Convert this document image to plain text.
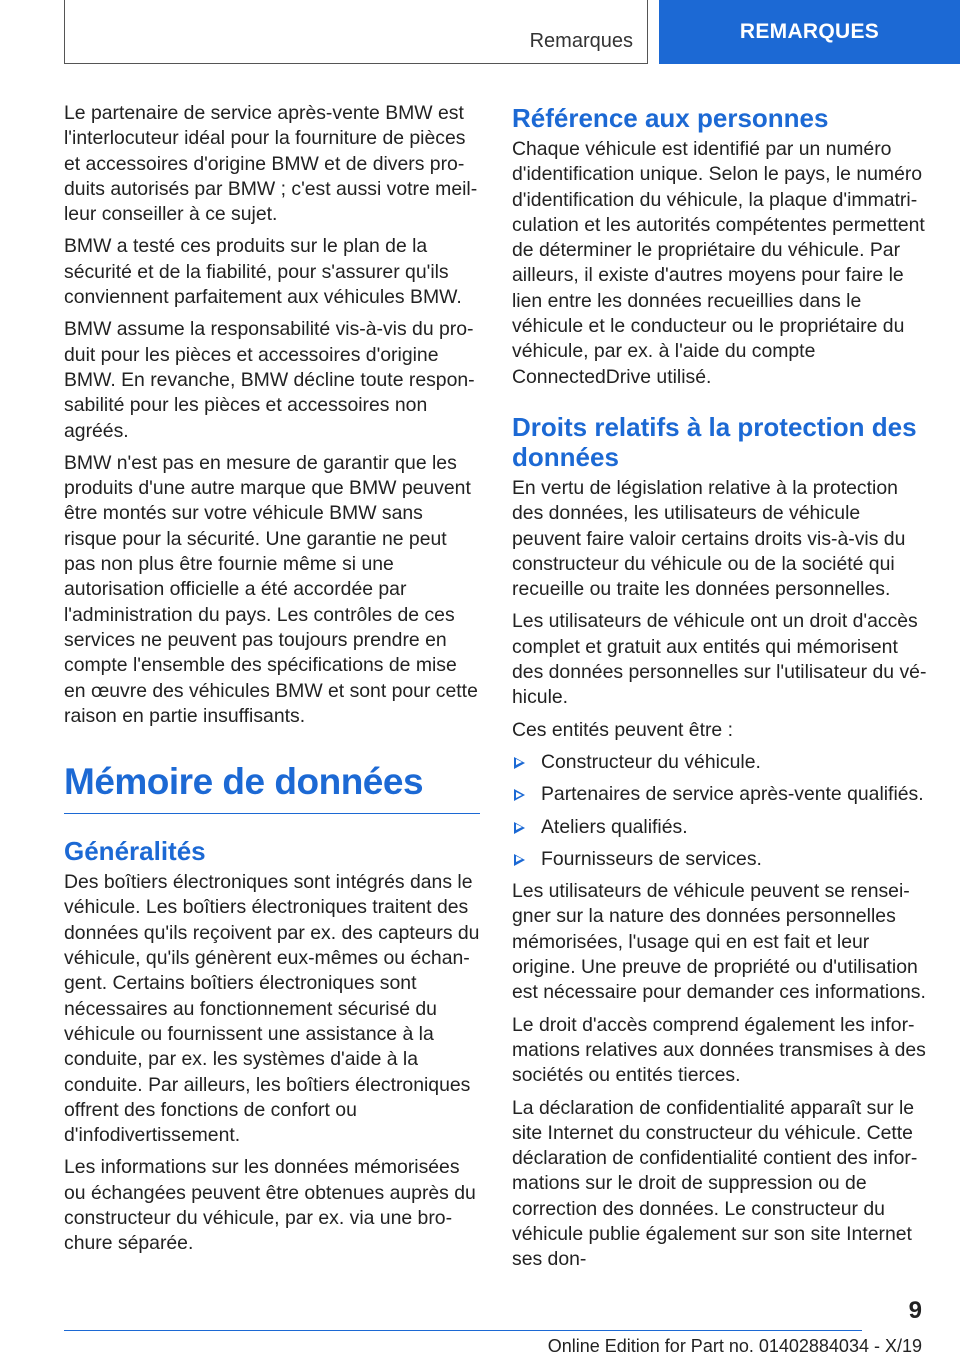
Remarques	REMARQUES

Le partenaire de service après-vente BMW est l'interlocuteur idéal pour la fourniture de pièces et accessoires d'origine BMW et de divers produits autorisés par BMW ; c'est aussi votre meilleur conseiller à ce sujet.

BMW a testé ces produits sur le plan de la sécurité et de la fiabilité, pour s'assurer qu'ils conviennent parfaitement aux véhicules BMW.

BMW assume la responsabilité vis-à-vis du produit pour les pièces et accessoires d'origine BMW. En revanche, BMW décline toute responsabilité pour les pièces et accessoires non agréés.

BMW n'est pas en mesure de garantir que les produits d'une autre marque que BMW peuvent être montés sur votre véhicule BMW sans risque pour la sécurité. Une garantie ne peut pas non plus être fournie même si une autorisation officielle a été accordée par l'administration du pays. Les contrôles de ces services ne peuvent pas toujours prendre en compte l'ensemble des spécifications de mise en œuvre des véhicules BMW et sont pour cette raison en partie insuffisants.

Mémoire de données
Généralités

Des boîtiers électroniques sont intégrés dans le véhicule. Les boîtiers électroniques traitent des données qu'ils reçoivent par ex. des capteurs du véhicule, qu'ils génèrent eux-mêmes ou échangent. Certains boîtiers électroniques sont nécessaires au fonctionnement sécurisé du véhicule ou fournissent une assistance à la conduite, par ex. les systèmes d'aide à la conduite. Par ailleurs, les boîtiers électroniques offrent des fonctions de confort ou d'infodivertissement.

Les informations sur les données mémorisées ou échangées peuvent être obtenues auprès du constructeur du véhicule, par ex. via une brochure séparée.

Référence aux personnes

Chaque véhicule est identifié par un numéro d'identification unique. Selon le pays, le numéro d'identification du véhicule, la plaque d'immatriculation et les autorités compétentes permettent de déterminer le propriétaire du véhicule. Par ailleurs, il existe d'autres moyens pour faire le lien entre les données recueillies dans le véhicule et le conducteur ou le propriétaire du véhicule, par ex. à l'aide du compte ConnectedDrive utilisé.

Droits relatifs à la protection des données

En vertu de législation relative à la protection des données, les utilisateurs de véhicule peuvent faire valoir certains droits vis-à-vis du constructeur du véhicule ou de la société qui recueille ou traite les données personnelles.

Les utilisateurs de véhicule ont un droit d'accès complet et gratuit aux entités qui mémorisent des données personnelles sur l'utilisateur du véhicule.

Ces entités peuvent être :

Constructeur du véhicule.
Partenaires de service après-vente qualifiés.
Ateliers qualifiés.
Fournisseurs de services.

Les utilisateurs de véhicule peuvent se renseigner sur la nature des données personnelles mémorisées, l'usage qui en est fait et leur origine. Une preuve de propriété ou d'utilisation est nécessaire pour demander ces informations.

Le droit d'accès comprend également les informations relatives aux données transmises à des sociétés ou entités tierces.

La déclaration de confidentialité apparaît sur le site Internet du constructeur du véhicule. Cette déclaration de confidentialité contient des informations sur le droit de suppression ou de correction des données. Le constructeur du véhicule publie également sur son site Internet ses don-

9
Online Edition for Part no. 01402884034 - X/19
